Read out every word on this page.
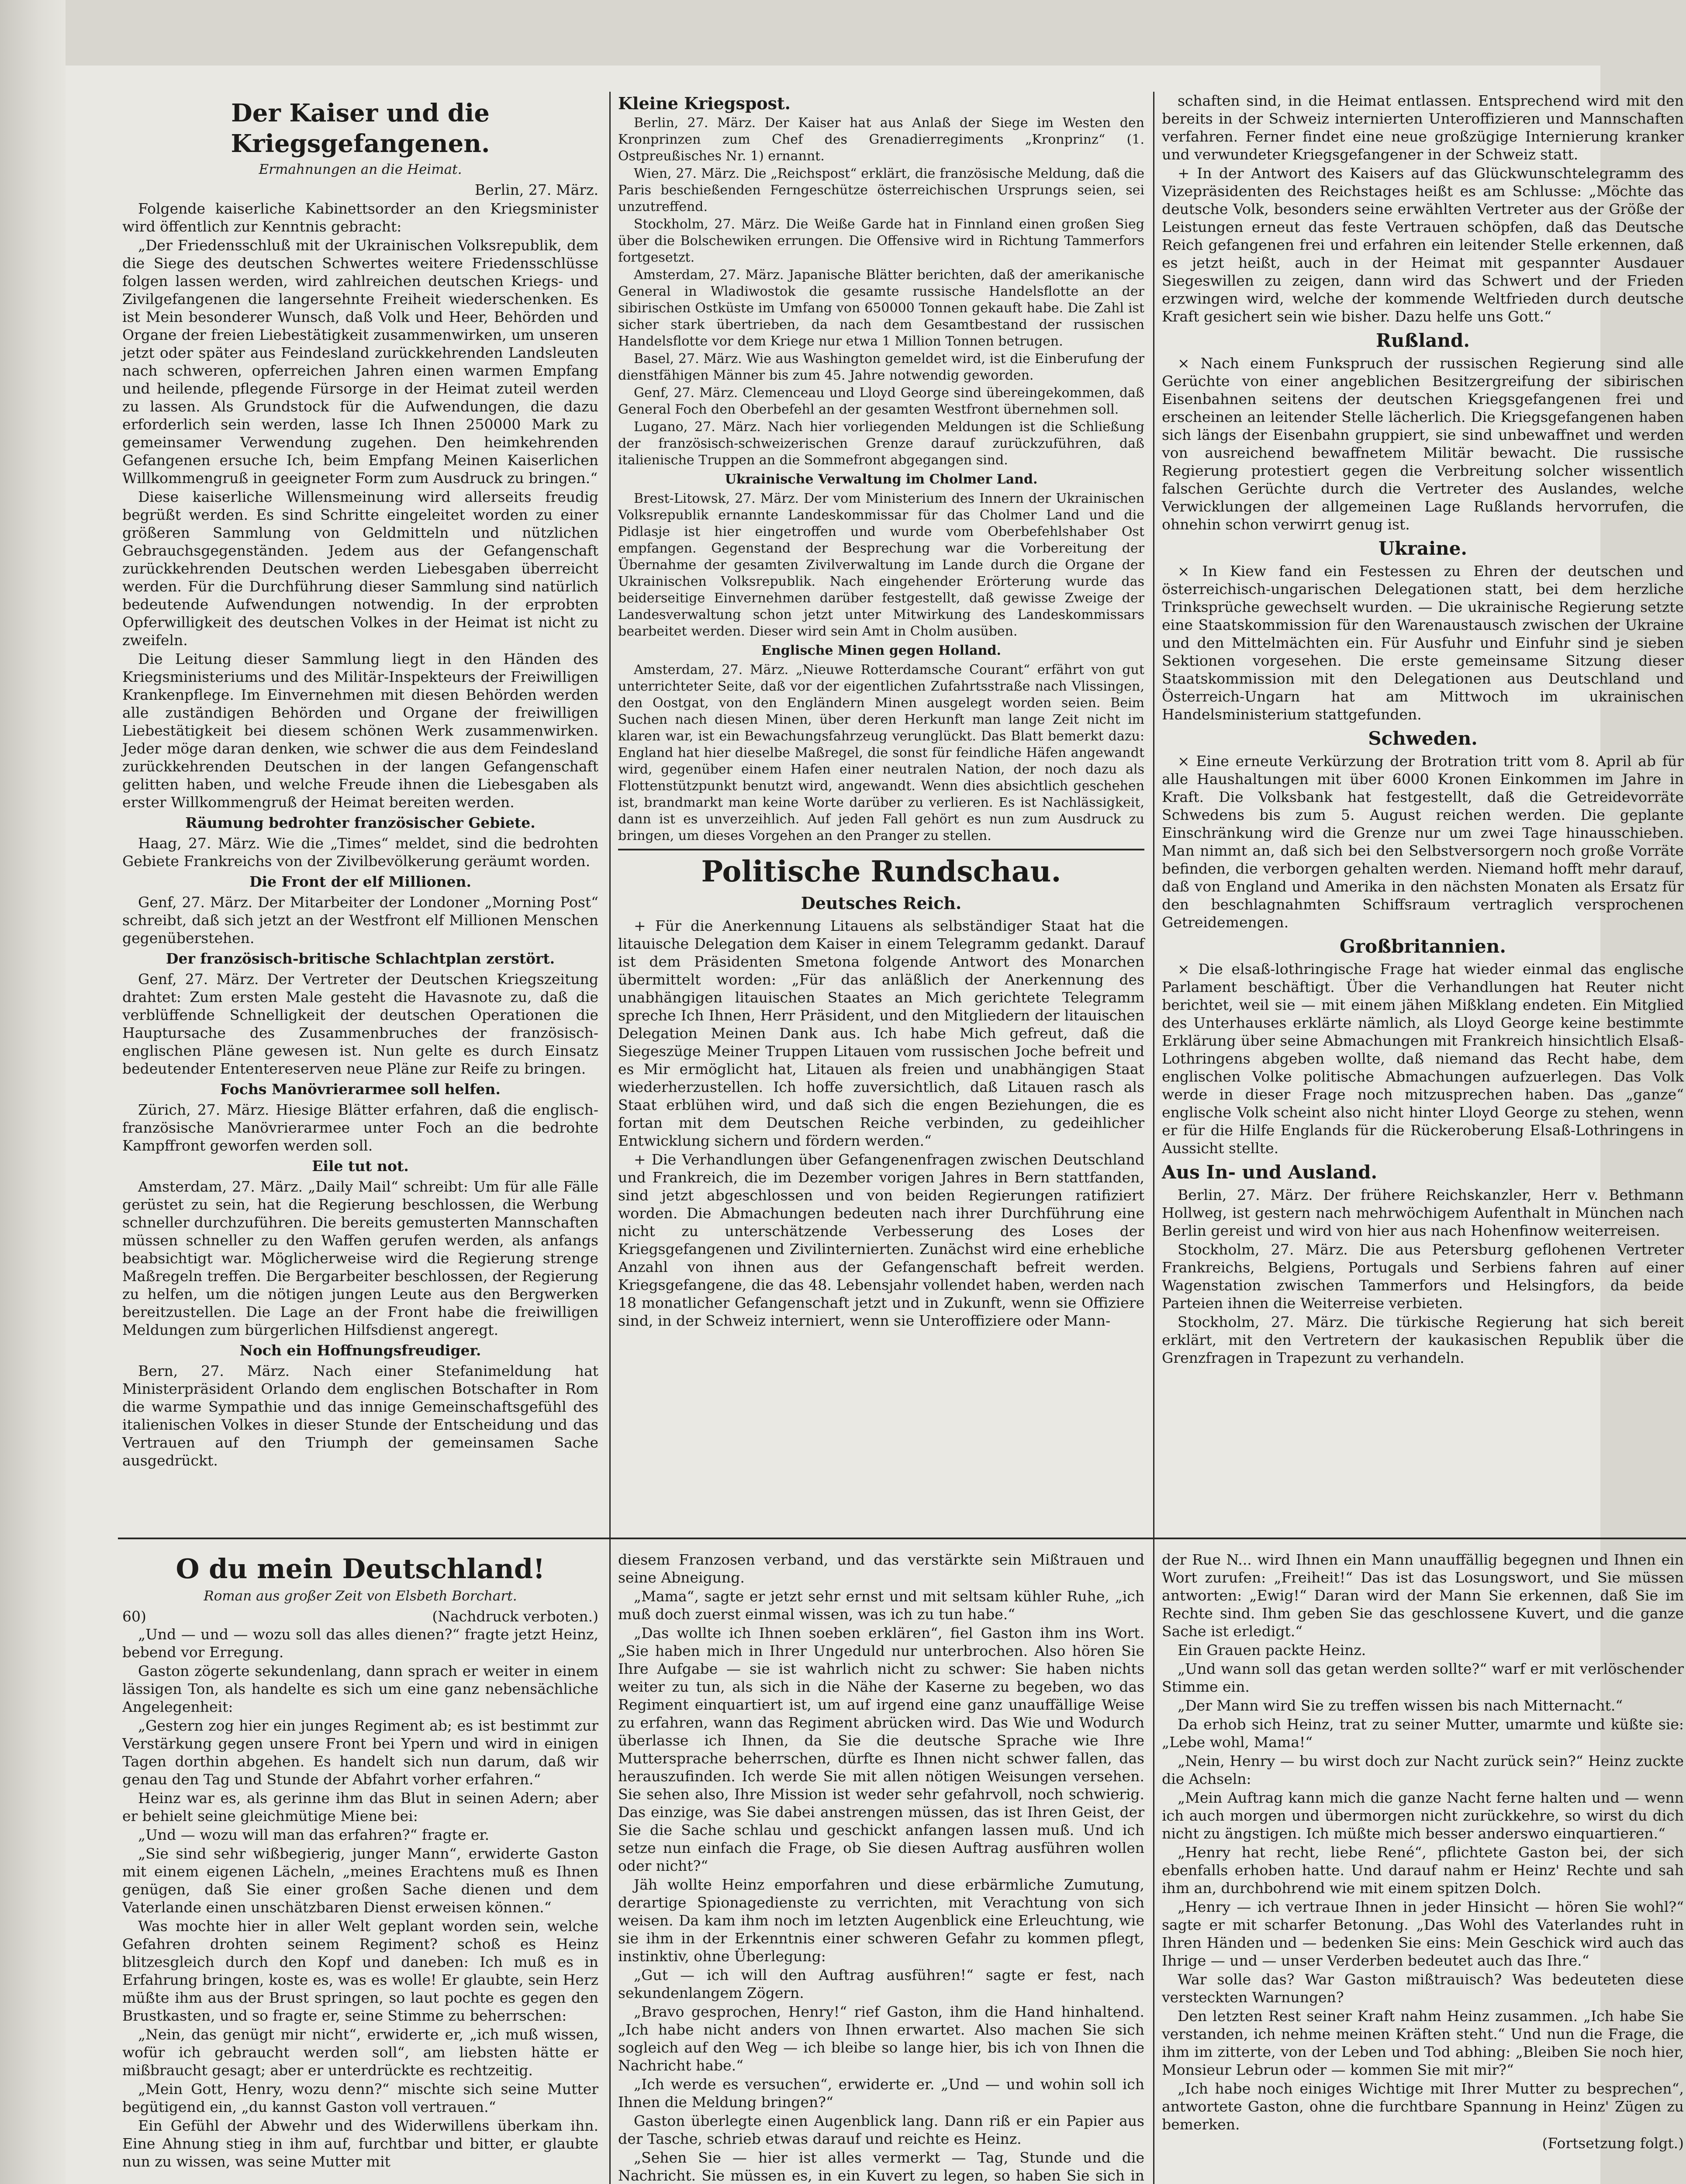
Der Kaiser und die Kriegsgefangenen.
Ermahnungen an die Heimat.

Berlin, 27. März.

Folgende kaiserliche Kabinettsorder an den Kriegsminister wird öffentlich zur Kenntnis gebracht:

„Der Friedensschluß mit der Ukrainischen Volksrepublik, dem die Siege des deutschen Schwertes weitere Friedensschlüsse folgen lassen werden, wird zahlreichen deutschen Kriegs- und Zivilgefangenen die langersehnte Freiheit wiederschenken. Es ist Mein besonderer Wunsch, daß Volk und Heer, Behörden und Organe der freien Liebestätigkeit zusammenwirken, um unseren jetzt oder später aus Feindesland zurückkehrenden Landsleuten nach schweren, opferreichen Jahren einen warmen Empfang und heilende, pflegende Fürsorge in der Heimat zuteil werden zu lassen. Als Grundstock für die Aufwendungen, die dazu erforderlich sein werden, lasse Ich Ihnen 250000 Mark zu gemeinsamer Verwendung zugehen. Den heimkehrenden Gefangenen ersuche Ich, beim Empfang Meinen Kaiserlichen Willkommengruß in geeigneter Form zum Ausdruck zu bringen.“

Diese kaiserliche Willensmeinung wird allerseits freudig begrüßt werden. Es sind Schritte eingeleitet worden zu einer größeren Sammlung von Geldmitteln und nützlichen Gebrauchsgegenständen. Jedem aus der Gefangenschaft zurückkehrenden Deutschen werden Liebesgaben überreicht werden. Für die Durchführung dieser Sammlung sind natürlich bedeutende Aufwendungen notwendig. In der erprobten Opferwilligkeit des deutschen Volkes in der Heimat ist nicht zu zweifeln.

Die Leitung dieser Sammlung liegt in den Händen des Kriegsministeriums und des Militär-Inspekteurs der Freiwilligen Krankenpflege. Im Einvernehmen mit diesen Behörden werden alle zuständigen Behörden und Organe der freiwilligen Liebestätigkeit bei diesem schönen Werk zusammenwirken. Jeder möge daran denken, wie schwer die aus dem Feindesland zurückkehrenden Deutschen in der langen Gefangenschaft gelitten haben, und welche Freude ihnen die Liebesgaben als erster Willkommengruß der Heimat bereiten werden.

Räumung bedrohter französischer Gebiete.

Haag, 27. März. Wie die „Times“ meldet, sind die bedrohten Gebiete Frankreichs von der Zivilbevölkerung geräumt worden.

Die Front der elf Millionen.

Genf, 27. März. Der Mitarbeiter der Londoner „Morning Post“ schreibt, daß sich jetzt an der Westfront elf Millionen Menschen gegenüberstehen.

Der französisch-britische Schlachtplan zerstört.

Genf, 27. März. Der Vertreter der Deutschen Kriegszeitung drahtet: Zum ersten Male gesteht die Havasnote zu, daß die verblüffende Schnelligkeit der deutschen Operationen die Hauptursache des Zusammenbruches der französisch-englischen Pläne gewesen ist. Nun gelte es durch Einsatz bedeutender Ententereserven neue Pläne zur Reife zu bringen.

Fochs Manövrierarmee soll helfen.

Zürich, 27. März. Hiesige Blätter erfahren, daß die englisch-französische Manövrierarmee unter Foch an die bedrohte Kampffront geworfen werden soll.

Eile tut not.

Amsterdam, 27. März. „Daily Mail“ schreibt: Um für alle Fälle gerüstet zu sein, hat die Regierung beschlossen, die Werbung schneller durchzuführen. Die bereits gemusterten Mannschaften müssen schneller zu den Waffen gerufen werden, als anfangs beabsichtigt war. Möglicherweise wird die Regierung strenge Maßregeln treffen. Die Bergarbeiter beschlossen, der Regierung zu helfen, um die nötigen jungen Leute aus den Bergwerken bereitzustellen. Die Lage an der Front habe die freiwilligen Meldungen zum bürgerlichen Hilfsdienst angeregt.

Noch ein Hoffnungsfreudiger.

Bern, 27. März. Nach einer Stefanimeldung hat Ministerpräsident Orlando dem englischen Botschafter in Rom die warme Sympathie und das innige Gemeinschaftsgefühl des italienischen Volkes in dieser Stunde der Entscheidung und das Vertrauen auf den Triumph der gemeinsamen Sache ausgedrückt.

Kleine Kriegspost.

Berlin, 27. März. Der Kaiser hat aus Anlaß der Siege im Westen den Kronprinzen zum Chef des Grenadierregiments „Kronprinz“ (1. Ostpreußisches Nr. 1) ernannt.

Wien, 27. März. Die „Reichspost“ erklärt, die französische Meldung, daß die Paris beschießenden Ferngeschütze österreichischen Ursprungs seien, sei unzutreffend.

Stockholm, 27. März. Die Weiße Garde hat in Finnland einen großen Sieg über die Bolschewiken errungen. Die Offensive wird in Richtung Tammerfors fortgesetzt.

Amsterdam, 27. März. Japanische Blätter berichten, daß der amerikanische General in Wladiwostok die gesamte russische Handelsflotte an der sibirischen Ostküste im Umfang von 650000 Tonnen gekauft habe. Die Zahl ist sicher stark übertrieben, da nach dem Gesamtbestand der russischen Handelsflotte vor dem Kriege nur etwa 1 Million Tonnen betrugen.

Basel, 27. März. Wie aus Washington gemeldet wird, ist die Einberufung der dienstfähigen Männer bis zum 45. Jahre notwendig geworden.

Genf, 27. März. Clemenceau und Lloyd George sind übereingekommen, daß General Foch den Oberbefehl an der gesamten Westfront übernehmen soll.

Lugano, 27. März. Nach hier vorliegenden Meldungen ist die Schließung der französisch-schweizerischen Grenze darauf zurückzuführen, daß italienische Truppen an die Sommefront abgegangen sind.

Ukrainische Verwaltung im Cholmer Land.

Brest-Litowsk, 27. März. Der vom Ministerium des Innern der Ukrainischen Volksrepublik ernannte Landeskommissar für das Cholmer Land und die Pidlasje ist hier eingetroffen und wurde vom Oberbefehlshaber Ost empfangen. Gegenstand der Besprechung war die Vorbereitung der Übernahme der gesamten Zivilverwaltung im Lande durch die Organe der Ukrainischen Volksrepublik. Nach eingehender Erörterung wurde das beiderseitige Einvernehmen darüber festgestellt, daß gewisse Zweige der Landesverwaltung schon jetzt unter Mitwirkung des Landeskommissars bearbeitet werden. Dieser wird sein Amt in Cholm ausüben.

Englische Minen gegen Holland.

Amsterdam, 27. März. „Nieuwe Rotterdamsche Courant“ erfährt von gut unterrichteter Seite, daß vor der eigentlichen Zufahrtsstraße nach Vlissingen, den Oostgat, von den Engländern Minen ausgelegt worden seien. Beim Suchen nach diesen Minen, über deren Herkunft man lange Zeit nicht im klaren war, ist ein Bewachungsfahrzeug verunglückt. Das Blatt bemerkt dazu: England hat hier dieselbe Maßregel, die sonst für feindliche Häfen angewandt wird, gegenüber einem Hafen einer neutralen Nation, der noch dazu als Flottenstützpunkt benutzt wird, angewandt. Wenn dies absichtlich geschehen ist, brandmarkt man keine Worte darüber zu verlieren. Es ist Nachlässigkeit, dann ist es unverzeihlich. Auf jeden Fall gehört es nun zum Ausdruck zu bringen, um dieses Vorgehen an den Pranger zu stellen.

Politische Rundschau.
Deutsches Reich.

+ Für die Anerkennung Litauens als selbständiger Staat hat die litauische Delegation dem Kaiser in einem Telegramm gedankt. Darauf ist dem Präsidenten Smetona folgende Antwort des Monarchen übermittelt worden: „Für das anläßlich der Anerkennung des unabhängigen litauischen Staates an Mich gerichtete Telegramm spreche Ich Ihnen, Herr Präsident, und den Mitgliedern der litauischen Delegation Meinen Dank aus. Ich habe Mich gefreut, daß die Siegeszüge Meiner Truppen Litauen vom russischen Joche befreit und es Mir ermöglicht hat, Litauen als freien und unabhängigen Staat wiederherzustellen. Ich hoffe zuversichtlich, daß Litauen rasch als Staat erblühen wird, und daß sich die engen Beziehungen, die es fortan mit dem Deutschen Reiche verbinden, zu gedeihlicher Entwicklung sichern und fördern werden.“

+ Die Verhandlungen über Gefangenenfragen zwischen Deutschland und Frankreich, die im Dezember vorigen Jahres in Bern stattfanden, sind jetzt abgeschlossen und von beiden Regierungen ratifiziert worden. Die Abmachungen bedeuten nach ihrer Durchführung eine nicht zu unterschätzende Verbesserung des Loses der Kriegsgefangenen und Zivilinternierten. Zunächst wird eine erhebliche Anzahl von ihnen aus der Gefangenschaft befreit werden. Kriegsgefangene, die das 48. Lebensjahr vollendet haben, werden nach 18 monatlicher Gefangenschaft jetzt und in Zukunft, wenn sie Offiziere sind, in der Schweiz interniert, wenn sie Unteroffiziere oder Mann-

schaften sind, in die Heimat entlassen. Entsprechend wird mit den bereits in der Schweiz internierten Unteroffizieren und Mannschaften verfahren. Ferner findet eine neue großzügige Internierung kranker und verwundeter Kriegsgefangener in der Schweiz statt.

+ In der Antwort des Kaisers auf das Glückwunschtelegramm des Vizepräsidenten des Reichstages heißt es am Schlusse: „Möchte das deutsche Volk, besonders seine erwählten Vertreter aus der Größe der Leistungen erneut das feste Vertrauen schöpfen, daß das Deutsche Reich gefangenen frei und erfahren ein leitender Stelle erkennen, daß es jetzt heißt, auch in der Heimat mit gespannter Ausdauer Siegeswillen zu zeigen, dann wird das Schwert und der Frieden erzwingen wird, welche der kommende Weltfrieden durch deutsche Kraft gesichert sein wie bisher. Dazu helfe uns Gott.“

Rußland.

× Nach einem Funkspruch der russischen Regierung sind alle Gerüchte von einer angeblichen Besitzergreifung der sibirischen Eisenbahnen seitens der deutschen Kriegsgefangenen frei und erscheinen an leitender Stelle lächerlich. Die Kriegsgefangenen haben sich längs der Eisenbahn gruppiert, sie sind unbewaffnet und werden von ausreichend bewaffnetem Militär bewacht. Die russische Regierung protestiert gegen die Verbreitung solcher wissentlich falschen Gerüchte durch die Vertreter des Auslandes, welche Verwicklungen der allgemeinen Lage Rußlands hervorrufen, die ohnehin schon verwirrt genug ist.

Ukraine.

× In Kiew fand ein Festessen zu Ehren der deutschen und österreichisch-ungarischen Delegationen statt, bei dem herzliche Trinksprüche gewechselt wurden. — Die ukrainische Regierung setzte eine Staatskommission für den Warenaustausch zwischen der Ukraine und den Mittelmächten ein. Für Ausfuhr und Einfuhr sind je sieben Sektionen vorgesehen. Die erste gemeinsame Sitzung dieser Staatskommission mit den Delegationen aus Deutschland und Österreich-Ungarn hat am Mittwoch im ukrainischen Handelsministerium stattgefunden.

Schweden.

× Eine erneute Verkürzung der Brotration tritt vom 8. April ab für alle Haushaltungen mit über 6000 Kronen Einkommen im Jahre in Kraft. Die Volksbank hat festgestellt, daß die Getreidevorräte Schwedens bis zum 5. August reichen werden. Die geplante Einschränkung wird die Grenze nur um zwei Tage hinausschieben. Man nimmt an, daß sich bei den Selbstversorgern noch große Vorräte befinden, die verborgen gehalten werden. Niemand hofft mehr darauf, daß von England und Amerika in den nächsten Monaten als Ersatz für den beschlagnahmten Schiffsraum vertraglich versprochenen Getreidemengen.

Großbritannien.

× Die elsaß-lothringische Frage hat wieder einmal das englische Parlament beschäftigt. Über die Verhandlungen hat Reuter nicht berichtet, weil sie — mit einem jähen Mißklang endeten. Ein Mitglied des Unterhauses erklärte nämlich, als Lloyd George keine bestimmte Erklärung über seine Abmachungen mit Frankreich hinsichtlich Elsaß-Lothringens abgeben wollte, daß niemand das Recht habe, dem englischen Volke politische Abmachungen aufzuerlegen. Das Volk werde in dieser Frage noch mitzusprechen haben. Das „ganze“ englische Volk scheint also nicht hinter Lloyd George zu stehen, wenn er für die Hilfe Englands für die Rückeroberung Elsaß-Lothringens in Aussicht stellte.

Aus In- und Ausland.

Berlin, 27. März. Der frühere Reichskanzler, Herr v. Bethmann Hollweg, ist gestern nach mehrwöchigem Aufenthalt in München nach Berlin gereist und wird von hier aus nach Hohenfinow weiterreisen.

Stockholm, 27. März. Die aus Petersburg geflohenen Vertreter Frankreichs, Belgiens, Portugals und Serbiens fahren auf einer Wagenstation zwischen Tammerfors und Helsingfors, da beide Parteien ihnen die Weiterreise verbieten.

Stockholm, 27. März. Die türkische Regierung hat sich bereit erklärt, mit den Vertretern der kaukasischen Republik über die Grenzfragen in Trapezunt zu verhandeln.

O du mein Deutschland!
Roman aus großer Zeit von Elsbeth Borchart.
60)	(Nachdruck verboten.)

„Und — und — wozu soll das alles dienen?“ fragte jetzt Heinz, bebend vor Erregung.

Gaston zögerte sekundenlang, dann sprach er weiter in einem lässigen Ton, als handelte es sich um eine ganz nebensächliche Angelegenheit:

„Gestern zog hier ein junges Regiment ab; es ist bestimmt zur Verstärkung gegen unsere Front bei Ypern und wird in einigen Tagen dorthin abgehen. Es handelt sich nun darum, daß wir genau den Tag und Stunde der Abfahrt vorher erfahren.“

Heinz war es, als gerinne ihm das Blut in seinen Adern; aber er behielt seine gleichmütige Miene bei:

„Und — wozu will man das erfahren?“ fragte er.

„Sie sind sehr wißbegierig, junger Mann“, erwiderte Gaston mit einem eigenen Lächeln, „meines Erachtens muß es Ihnen genügen, daß Sie einer großen Sache dienen und dem Vaterlande einen unschätzbaren Dienst erweisen können.“

Was mochte hier in aller Welt geplant worden sein, welche Gefahren drohten seinem Regiment? schoß es Heinz blitzesgleich durch den Kopf und daneben: Ich muß es in Erfahrung bringen, koste es, was es wolle! Er glaubte, sein Herz müßte ihm aus der Brust springen, so laut pochte es gegen den Brustkasten, und so fragte er, seine Stimme zu beherrschen:

„Nein, das genügt mir nicht“, erwiderte er, „ich muß wissen, wofür ich gebraucht werden soll“, am liebsten hätte er mißbraucht gesagt; aber er unterdrückte es rechtzeitig.

„Mein Gott, Henry, wozu denn?“ mischte sich seine Mutter begütigend ein, „du kannst Gaston voll vertrauen.“

Ein Gefühl der Abwehr und des Widerwillens überkam ihn. Eine Ahnung stieg in ihm auf, furchtbar und bitter, er glaubte nun zu wissen, was seine Mutter mit

diesem Franzosen verband, und das verstärkte sein Mißtrauen und seine Abneigung.

„Mama“, sagte er jetzt sehr ernst und mit seltsam kühler Ruhe, „ich muß doch zuerst einmal wissen, was ich zu tun habe.“

„Das wollte ich Ihnen soeben erklären“, fiel Gaston ihm ins Wort. „Sie haben mich in Ihrer Ungeduld nur unterbrochen. Also hören Sie Ihre Aufgabe — sie ist wahrlich nicht zu schwer: Sie haben nichts weiter zu tun, als sich in die Nähe der Kaserne zu begeben, wo das Regiment einquartiert ist, um auf irgend eine ganz unauffällige Weise zu erfahren, wann das Regiment abrücken wird. Das Wie und Wodurch überlasse ich Ihnen, da Sie die deutsche Sprache wie Ihre Muttersprache beherrschen, dürfte es Ihnen nicht schwer fallen, das herauszufinden. Ich werde Sie mit allen nötigen Weisungen versehen. Sie sehen also, Ihre Mission ist weder sehr gefahrvoll, noch schwierig. Das einzige, was Sie dabei anstrengen müssen, das ist Ihren Geist, der Sie die Sache schlau und geschickt anfangen lassen muß. Und ich setze nun einfach die Frage, ob Sie diesen Auftrag ausführen wollen oder nicht?“

Jäh wollte Heinz emporfahren und diese erbärmliche Zumutung, derartige Spionagedienste zu verrichten, mit Verachtung von sich weisen. Da kam ihm noch im letzten Augenblick eine Erleuchtung, wie sie ihm in der Erkenntnis einer schweren Gefahr zu kommen pflegt, instinktiv, ohne Überlegung:

„Gut — ich will den Auftrag ausführen!“ sagte er fest, nach sekundenlangem Zögern.

„Bravo gesprochen, Henry!“ rief Gaston, ihm die Hand hinhaltend. „Ich habe nicht anders von Ihnen erwartet. Also machen Sie sich sogleich auf den Weg — ich bleibe so lange hier, bis ich von Ihnen die Nachricht habe.“

„Ich werde es versuchen“, erwiderte er. „Und — und wohin soll ich Ihnen die Meldung bringen?“

Gaston überlegte einen Augenblick lang. Dann riß er ein Papier aus der Tasche, schrieb etwas darauf und reichte es Heinz.

„Sehen Sie — hier ist alles vermerkt — Tag, Stunde und die Nachricht. Sie müssen es, in ein Kuvert zu legen, so haben Sie sich in

der Rue N... wird Ihnen ein Mann unauffällig begegnen und Ihnen ein Wort zurufen: „Freiheit!“ Das ist das Losungswort, und Sie müssen antworten: „Ewig!“ Daran wird der Mann Sie erkennen, daß Sie im Rechte sind. Ihm geben Sie das geschlossene Kuvert, und die ganze Sache ist erledigt.“

Ein Grauen packte Heinz.

„Und wann soll das getan werden sollte?“ warf er mit verlöschender Stimme ein.

„Der Mann wird Sie zu treffen wissen bis nach Mitternacht.“

Da erhob sich Heinz, trat zu seiner Mutter, umarmte und küßte sie: „Lebe wohl, Mama!“

„Nein, Henry — bu wirst doch zur Nacht zurück sein?“ Heinz zuckte die Achseln:

„Mein Auftrag kann mich die ganze Nacht ferne halten und — wenn ich auch morgen und übermorgen nicht zurückkehre, so wirst du dich nicht zu ängstigen. Ich müßte mich besser anderswo einquartieren.“

„Henry hat recht, liebe René“, pflichtete Gaston bei, der sich ebenfalls erhoben hatte. Und darauf nahm er Heinz' Rechte und sah ihm an, durchbohrend wie mit einem spitzen Dolch.

„Henry — ich vertraue Ihnen in jeder Hinsicht — hören Sie wohl?“ sagte er mit scharfer Betonung. „Das Wohl des Vaterlandes ruht in Ihren Händen und — bedenken Sie eins: Mein Geschick wird auch das Ihrige — und — unser Verderben bedeutet auch das Ihre.“

War solle das? War Gaston mißtrauisch? Was bedeuteten diese versteckten Warnungen?

Den letzten Rest seiner Kraft nahm Heinz zusammen. „Ich habe Sie verstanden, ich nehme meinen Kräften steht.“ Und nun die Frage, die ihm im zitterte, von der Leben und Tod abhing: „Bleiben Sie noch hier, Monsieur Lebrun oder — kommen Sie mit mir?“

„Ich habe noch einiges Wichtige mit Ihrer Mutter zu besprechen“, antwortete Gaston, ohne die furchtbare Spannung in Heinz' Zügen zu bemerken.

(Fortsetzung folgt.)
